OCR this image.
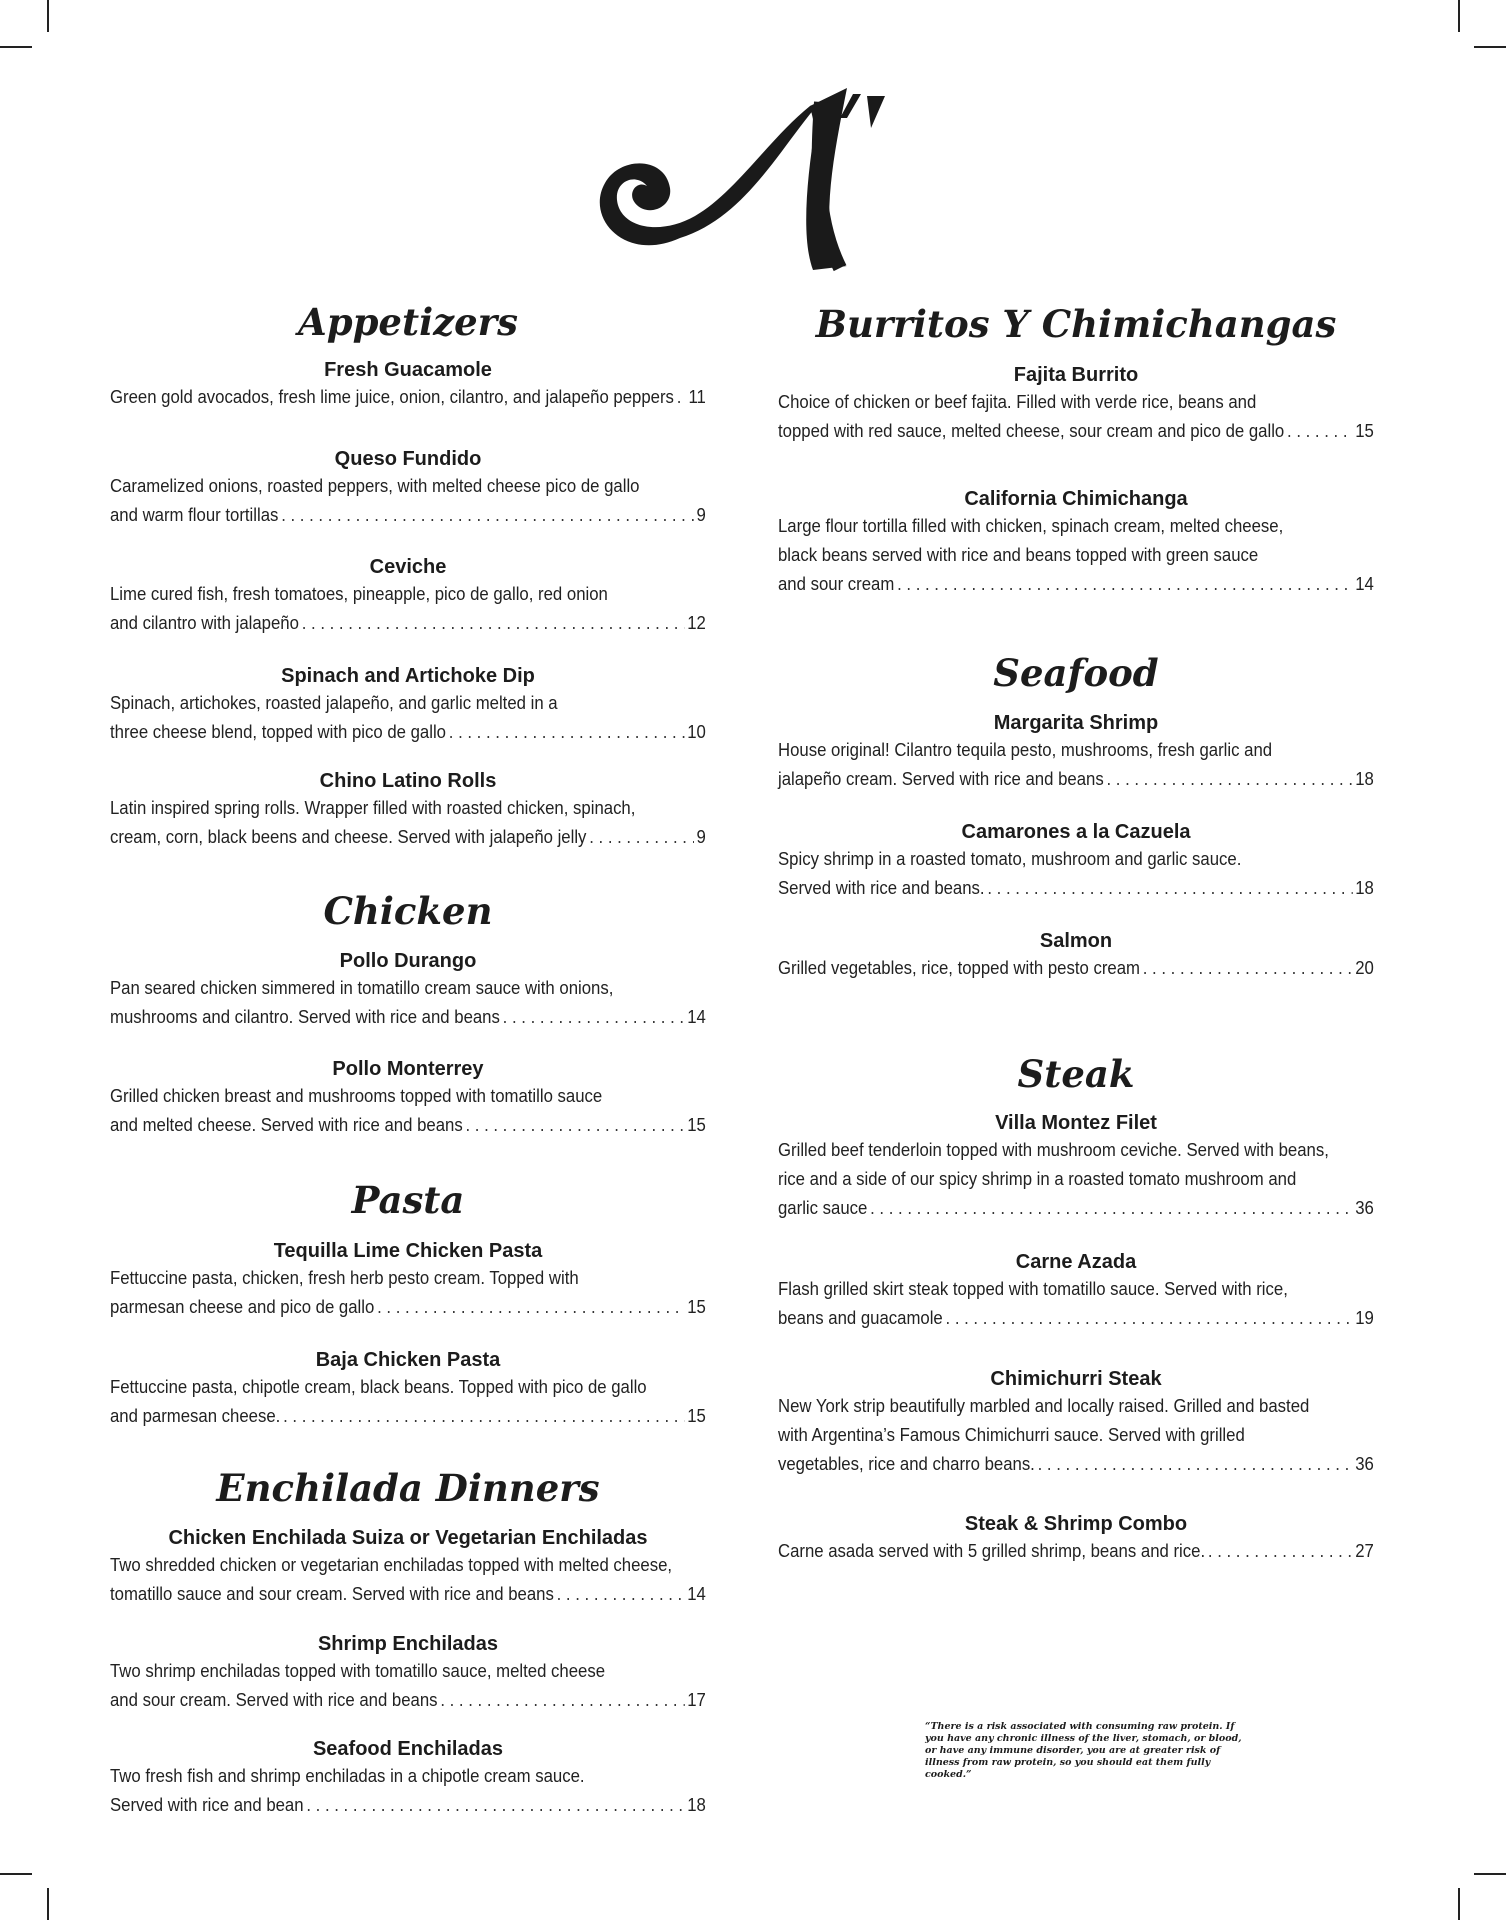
Appetizers
Fresh Guacamole
Green gold avocados, fresh lime juice, onion, cilantro, and jalapeño peppers . . . 11
Queso Fundido
Caramelized onions, roasted peppers, with melted cheese pico de gallo
and warm flour tortillas . . .	9
Ceviche
Lime cured fish, fresh tomatoes, pineapple, pico de gallo, red onion
and cilantro with jalapeño . . .	12
Spinach and Artichoke Dip
Spinach, artichokes, roasted jalapeño, and garlic melted in a
three cheese blend, topped with pico de gallo . . .	10
Chino Latino Rolls
Latin inspired spring rolls. Wrapper filled with roasted chicken, spinach,
cream, corn, black beens and cheese. Served with jalapeño jelly . . .	9
Chicken
Pollo Durango
Pan seared chicken simmered in tomatillo cream sauce with onions,
mushrooms and cilantro. Served with rice and beans . . .	14
Pollo Monterrey
Grilled chicken breast and mushrooms topped with tomatillo sauce
and melted cheese. Served with rice and beans . . .	15
Pasta
Tequilla Lime Chicken Pasta
Fettuccine pasta, chicken, fresh herb pesto cream. Topped with
parmesan cheese and pico de gallo . . .	15
Baja Chicken Pasta
Fettuccine pasta, chipotle cream, black beans. Topped with pico de gallo
and parmesan cheese. . . .	15
Enchilada Dinners
Chicken Enchilada Suiza or Vegetarian Enchiladas
Two shredded chicken or vegetarian enchiladas topped with melted cheese,
tomatillo sauce and sour cream. Served with rice and beans . . .	14
Shrimp Enchiladas
Two shrimp enchiladas topped with tomatillo sauce, melted cheese
and sour cream. Served with rice and beans . . .	17
Seafood Enchiladas
Two fresh fish and shrimp enchiladas in a chipotle cream sauce.
Served with rice and bean . . .	18
Burritos Y Chimichangas
Fajita Burrito
Choice of chicken or beef fajita. Filled with verde rice, beans and
topped with red sauce, melted cheese, sour cream and pico de gallo . . .	15
California Chimichanga
Large flour tortilla filled with chicken, spinach cream, melted cheese,
black beans served with rice and beans topped with green sauce
and sour cream . . .	14
Seafood
Margarita Shrimp
House original! Cilantro tequila pesto, mushrooms, fresh garlic and
jalapeño cream. Served with rice and beans . . .	18
Camarones a la Cazuela
Spicy shrimp in a roasted tomato, mushroom and garlic sauce.
Served with rice and beans. . . .	18
Salmon
Grilled vegetables, rice, topped with pesto cream . . .	20
Steak
Villa Montez Filet
Grilled beef tenderloin topped with mushroom ceviche. Served with beans,
rice and a side of our spicy shrimp in a roasted tomato mushroom and
garlic sauce . . .	36
Carne Azada
Flash grilled skirt steak topped with tomatillo sauce. Served with rice,
beans and guacamole . . .	19
Chimichurri Steak
New York strip beautifully marbled and locally raised. Grilled and basted
with Argentina’s Famous Chimichurri sauce. Served with grilled
vegetables, rice and charro beans. . . .	36
Steak & Shrimp Combo
Carne asada served with 5 grilled shrimp, beans and rice. . . .	27
“There is a risk associated with consuming raw protein. If you have any chronic illness of the liver, stomach, or blood, or have any immune disorder, you are at greater risk of illness from raw protein, so you should eat them fully cooked.”
